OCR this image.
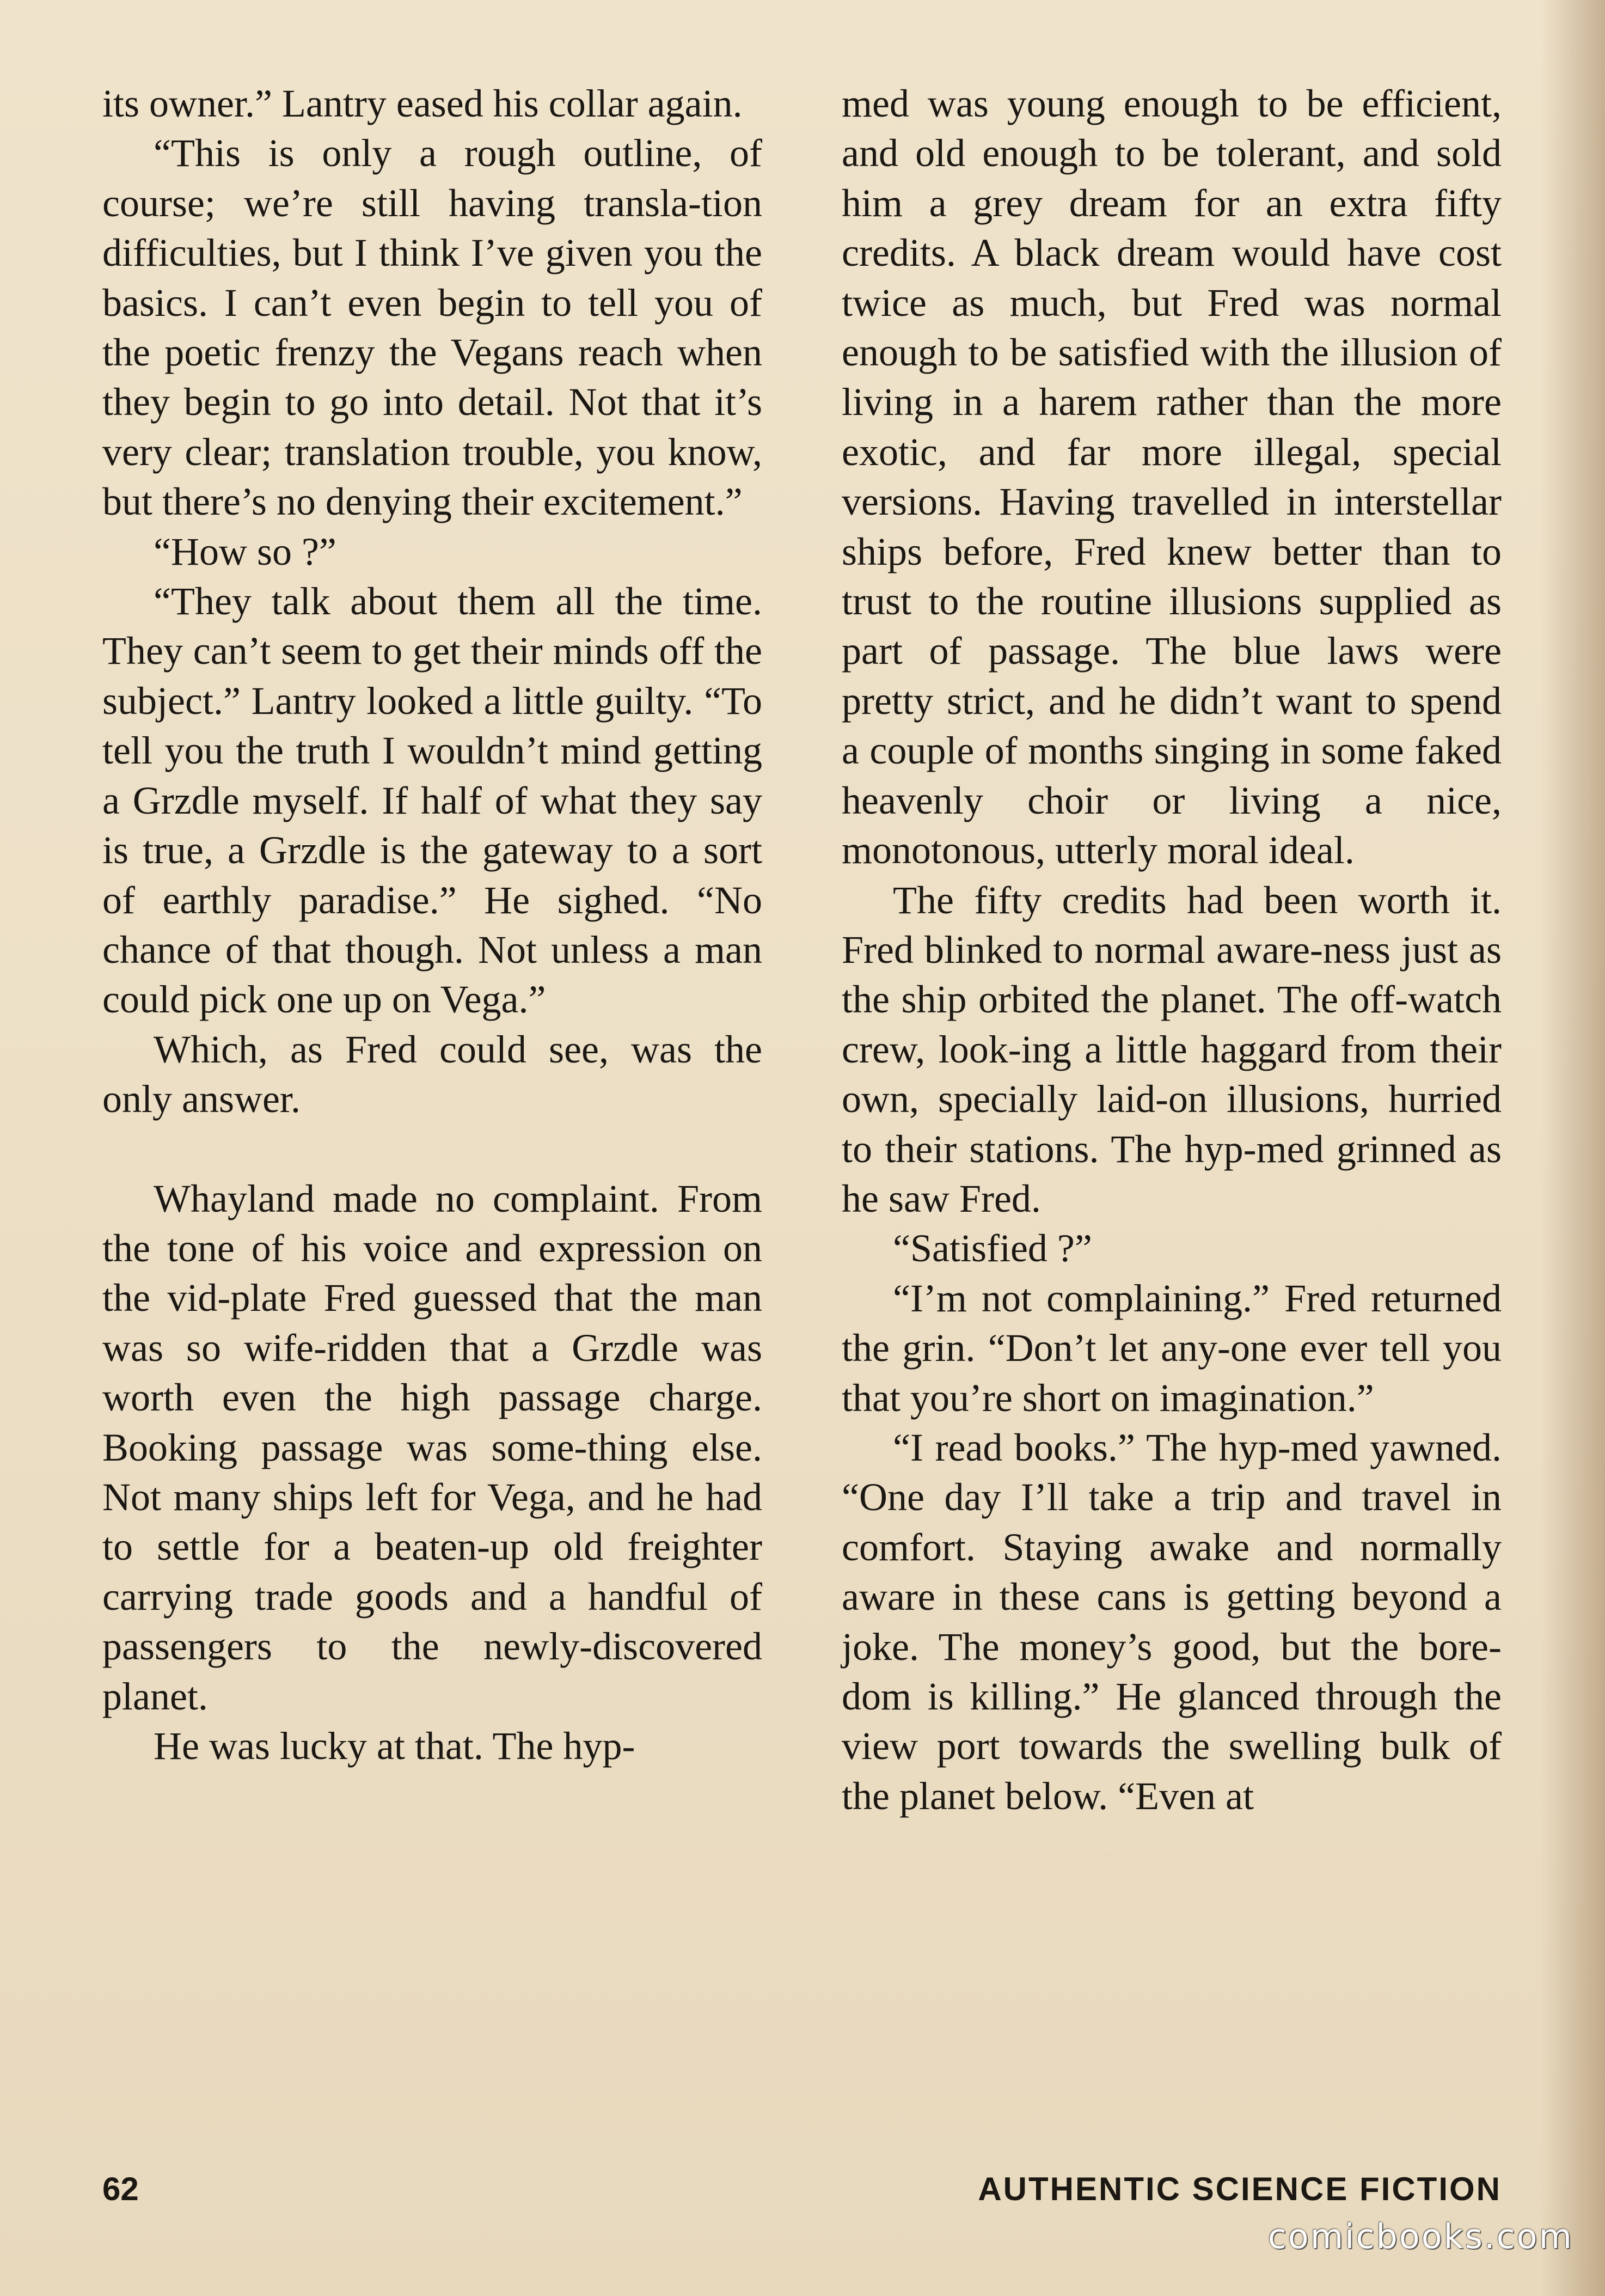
its owner.” Lantry eased his collar again.

“This is only a rough outline, of course; we’re still having transla-tion difficulties, but I think I’ve given you the basics. I can’t even begin to tell you of the poetic frenzy the Vegans reach when they begin to go into detail. Not that it’s very clear; translation trouble, you know, but there’s no denying their excitement.”

“How so ?”

“They talk about them all the time. They can’t seem to get their minds off the subject.” Lantry looked a little guilty. “To tell you the truth I wouldn’t mind getting a Grzdle myself. If half of what they say is true, a Grzdle is the gateway to a sort of earthly paradise.” He sighed. “No chance of that though. Not unless a man could pick one up on Vega.”

Which, as Fred could see, was the only answer.

Whayland made no complaint. From the tone of his voice and expression on the vid-plate Fred guessed that the man was so wife-ridden that a Grzdle was worth even the high passage charge. Booking passage was some-thing else. Not many ships left for Vega, and he had to settle for a beaten-up old freighter carrying trade goods and a handful of passengers to the newly-discovered planet.

He was lucky at that. The hyp-

med was young enough to be efficient, and old enough to be tolerant, and sold him a grey dream for an extra fifty credits. A black dream would have cost twice as much, but Fred was normal enough to be satisfied with the illusion of living in a harem rather than the more exotic, and far more illegal, special versions. Having travelled in interstellar ships before, Fred knew better than to trust to the routine illusions supplied as part of passage. The blue laws were pretty strict, and he didn’t want to spend a couple of months singing in some faked heavenly choir or living a nice, monotonous, utterly moral ideal.

The fifty credits had been worth it. Fred blinked to normal aware-ness just as the ship orbited the planet. The off-watch crew, look-ing a little haggard from their own, specially laid-on illusions, hurried to their stations. The hyp-med grinned as he saw Fred.

“Satisfied ?”

“I’m not complaining.” Fred returned the grin. “Don’t let any-one ever tell you that you’re short on imagination.”

“I read books.” The hyp-med yawned. “One day I’ll take a trip and travel in comfort. Staying awake and normally aware in these cans is getting beyond a joke. The money’s good, but the bore-dom is killing.” He glanced through the view port towards the swelling bulk of the planet below. “Even at

62	AUTHENTIC SCIENCE FICTION
comicbooks.com
